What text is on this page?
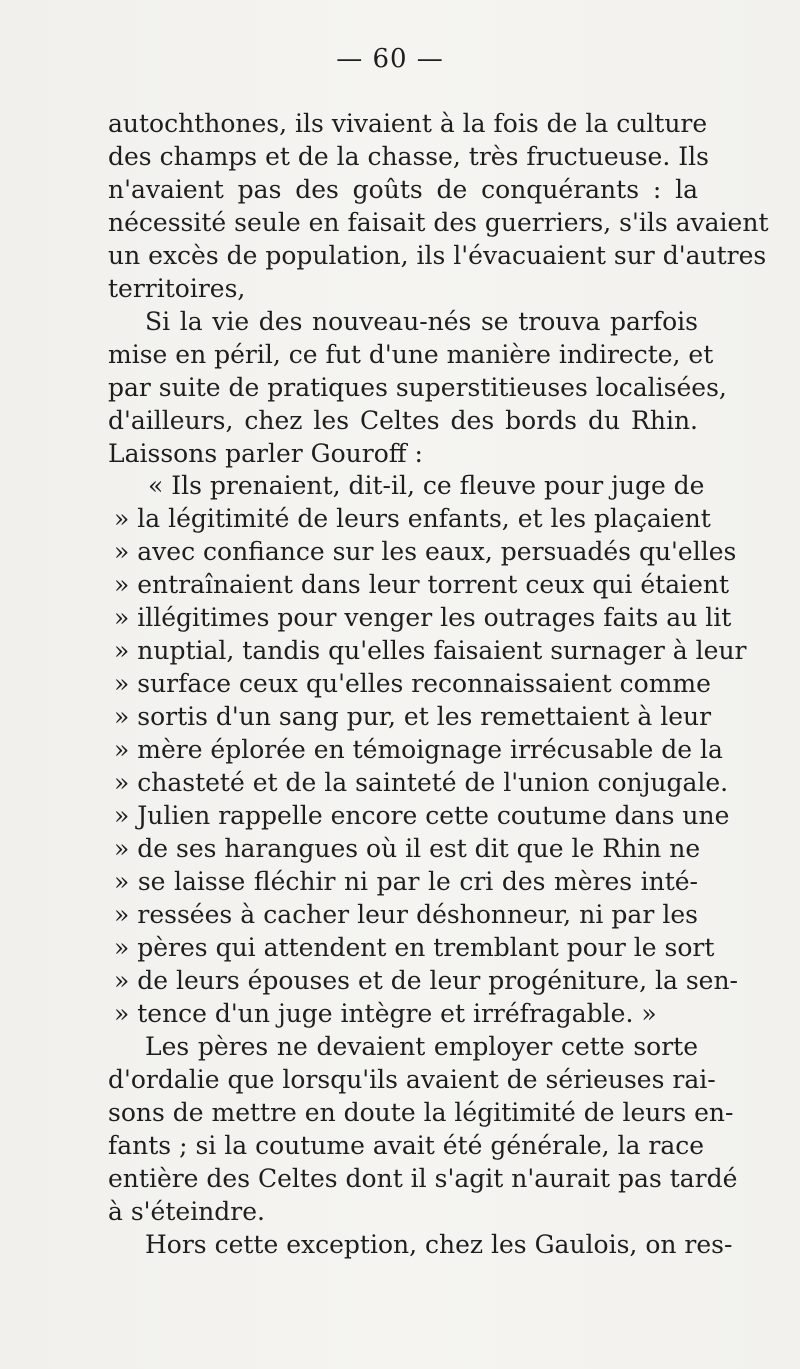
— 60 —
autochthones, ils vivaient à la fois de la culture
des champs et de la chasse, très fructueuse. Ils
n'avaient pas des goûts de conquérants : la
nécessité seule en faisait des guerriers, s'ils avaient
un excès de population, ils l'évacuaient sur d'autres
territoires,
Si la vie des nouveau-nés se trouva parfois
mise en péril, ce fut d'une manière indirecte, et
par suite de pratiques superstitieuses localisées,
d'ailleurs, chez les Celtes des bords du Rhin.
Laissons parler Gouroff :
« Ils prenaient, dit-il, ce fleuve pour juge de
» la légitimité de leurs enfants, et les plaçaient
» avec confiance sur les eaux, persuadés qu'elles
» entraînaient dans leur torrent ceux qui étaient
» illégitimes pour venger les outrages faits au lit
» nuptial, tandis qu'elles faisaient surnager à leur
» surface ceux qu'elles reconnaissaient comme
» sortis d'un sang pur, et les remettaient à leur
» mère éplorée en témoignage irrécusable de la
» chasteté et de la sainteté de l'union conjugale.
» Julien rappelle encore cette coutume dans une
» de ses harangues où il est dit que le Rhin ne
» se laisse fléchir ni par le cri des mères inté-
» ressées à cacher leur déshonneur, ni par les
» pères qui attendent en tremblant pour le sort
» de leurs épouses et de leur progéniture, la sen-
» tence d'un juge intègre et irréfragable. »
Les pères ne devaient employer cette sorte
d'ordalie que lorsqu'ils avaient de sérieuses rai-
sons de mettre en doute la légitimité de leurs en-
fants ; si la coutume avait été générale, la race
entière des Celtes dont il s'agit n'aurait pas tardé
à s'éteindre.
Hors cette exception, chez les Gaulois, on res-
